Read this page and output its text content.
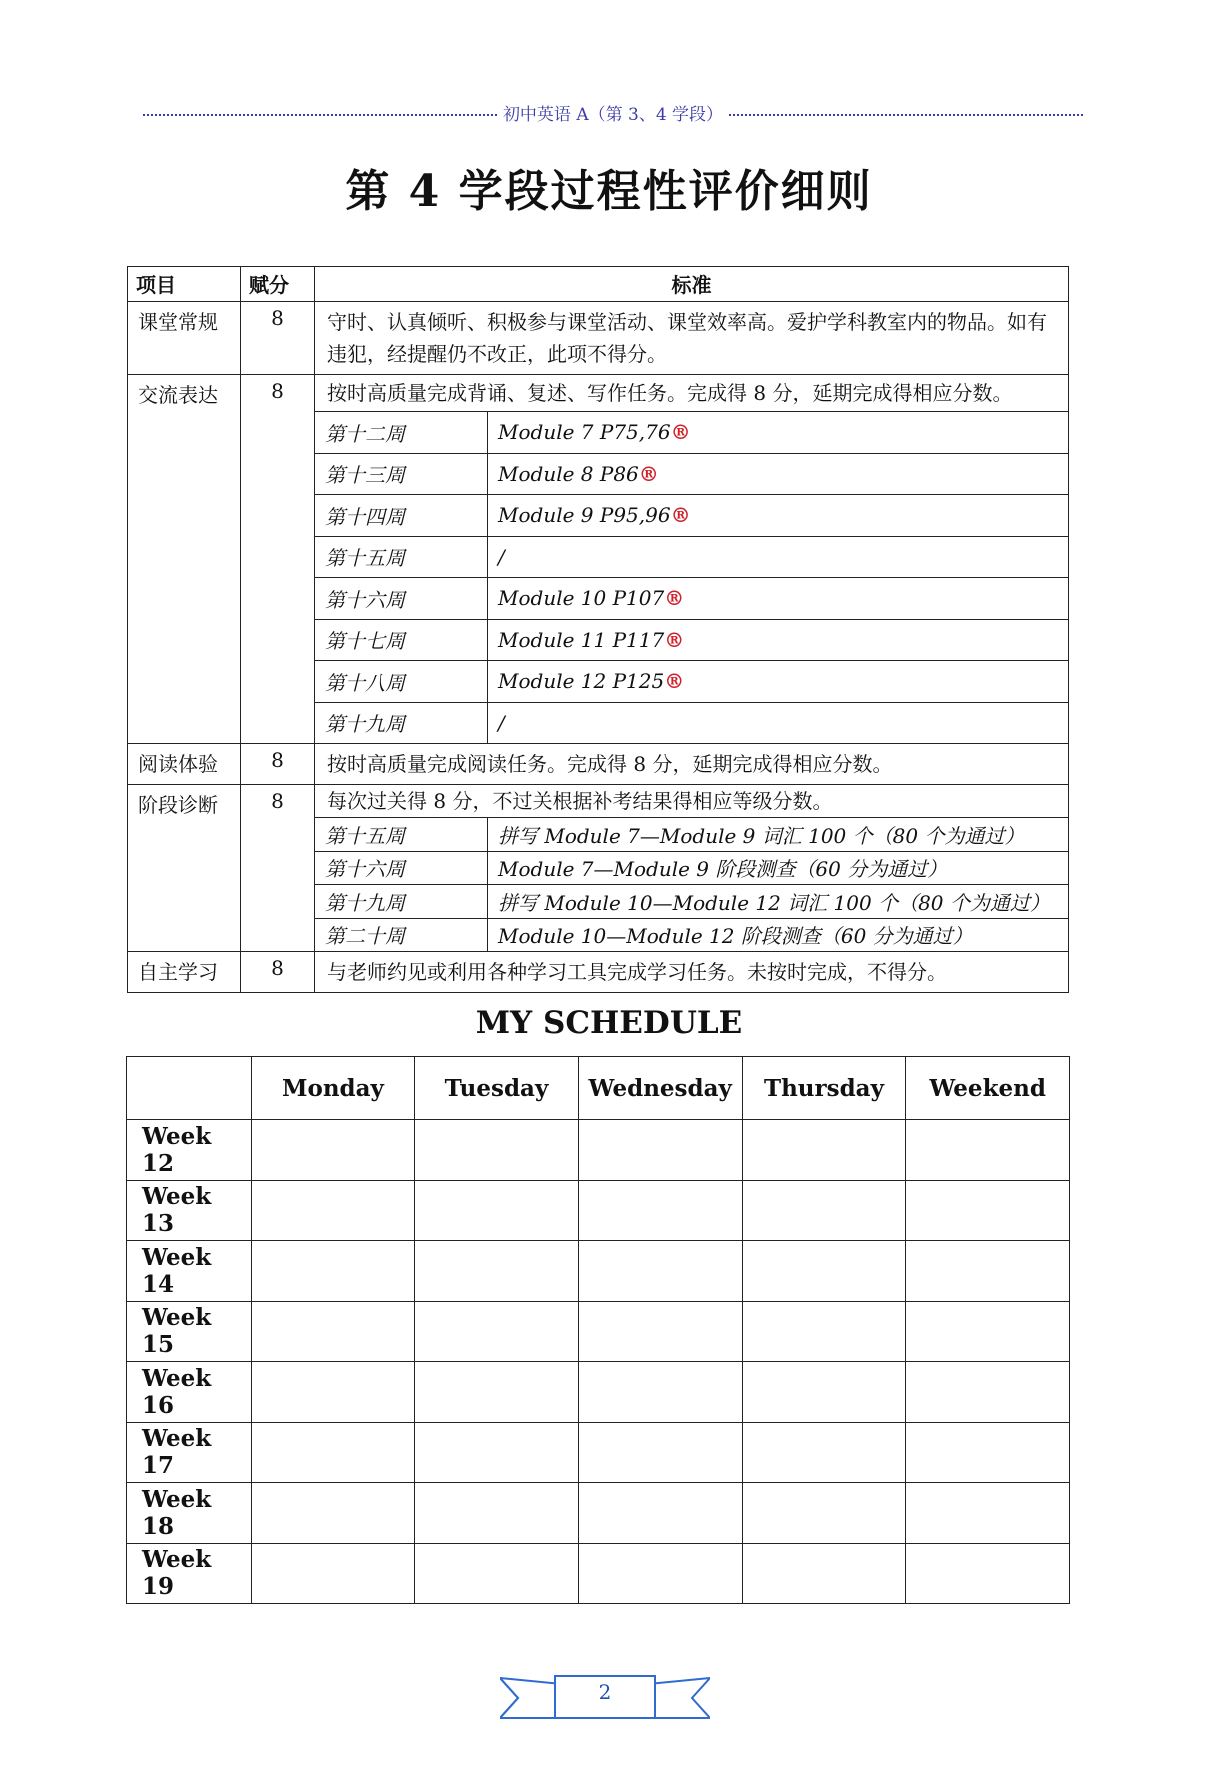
初中英语 A（第 3、4 学段）
第 4 学段过程性评价细则
项目	赋分	标准
课堂常规	8	守时、认真倾听、积极参与课堂活动、课堂效率高。爱护学科教室内的物品。如有违犯，经提醒仍不改正，此项不得分。
交流表达	8	按时高质量完成背诵、复述、写作任务。完成得 8 分，延期完成得相应分数。
第十二周	Module 7 P75,76®
第十三周	Module 8 P86®
第十四周	Module 9 P95,96®
第十五周	/
第十六周	Module 10 P107®
第十七周	Module 11 P117®
第十八周	Module 12 P125®
第十九周	/

阅读体验	8	按时高质量完成阅读任务。完成得 8 分，延期完成得相应分数。
阶段诊断	8	每次过关得 8 分，不过关根据补考结果得相应等级分数。
第十五周	拼写 Module 7—Module 9 词汇 100 个（80 个为通过）
第十六周	Module 7—Module 9 阶段测查（60 分为通过）
第十九周	拼写 Module 10—Module 12 词汇 100 个（80 个为通过）
第二十周	Module 10—Module 12 阶段测查（60 分为通过）

自主学习	8	与老师约见或利用各种学习工具完成学习任务。未按时完成，不得分。
MY SCHEDULE
	Monday	Tuesday	Wednesday	Thursday	Weekend
Week 12					
Week 13					
Week 14					
Week 15					
Week 16					
Week 17					
Week 18					
Week 19					
2
